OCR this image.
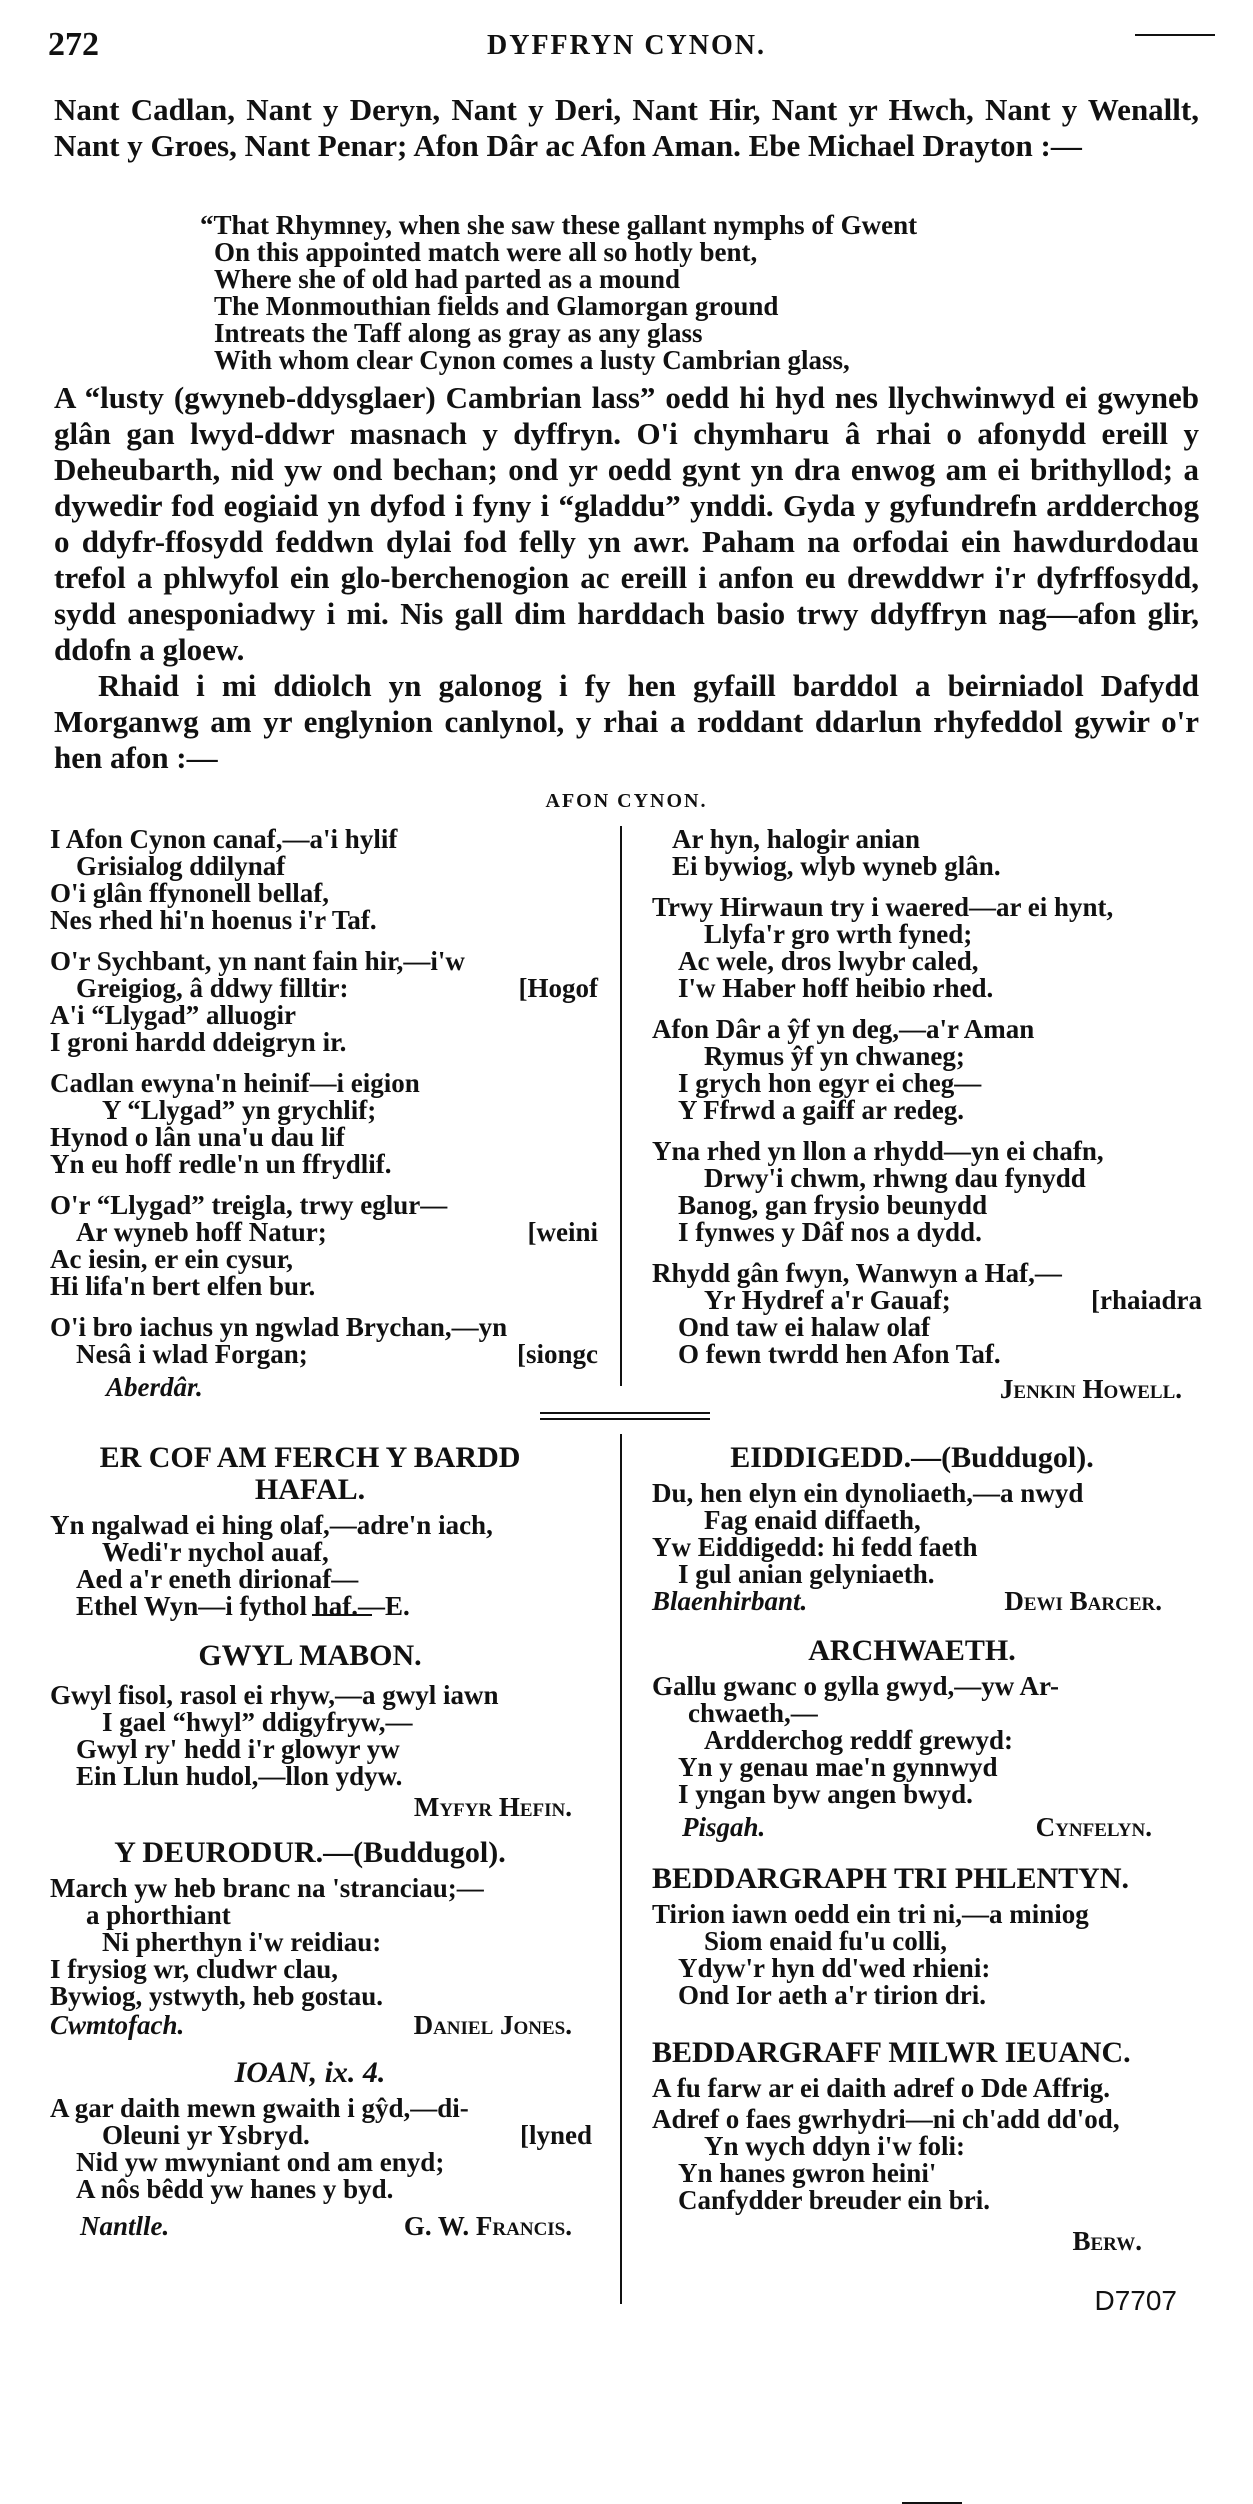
272	DYFFRYN CYNON.

Nant Cadlan, Nant y Deryn, Nant y Deri, Nant Hir, Nant yr Hwch, Nant y Wenallt, Nant y Groes, Nant Penar; Afon Dâr ac Afon Aman. Ebe Michael Drayton :—

“That Rhymney, when she saw these gallant nymphs of Gwent
On this appointed match were all so hotly bent,
Where she of old had parted as a mound
The Monmouthian fields and Glamorgan ground
Intreats the Taff along as gray as any glass
With whom clear Cynon comes a lusty Cambrian glass,

A “lusty (gwyneb-ddysglaer) Cambrian lass” oedd hi hyd nes llychwinwyd ei gwyneb glân gan lwyd-ddwr masnach y dyffryn. O'i chymharu â rhai o afonydd ereill y Deheubarth, nid yw ond bechan; ond yr oedd gynt yn dra enwog am ei brithyllod; a dywedir fod eogiaid yn dyfod i fyny i “gladdu” ynddi. Gyda y gyfundrefn ardderchog o ddyfr-ffosydd feddwn dylai fod felly yn awr. Paham na orfodai ein hawdurdodau trefol a phlwyfol ein glo-berchenogion ac ereill i anfon eu drewddwr i'r dyfrffosydd, sydd anesponiadwy i mi. Nis gall dim harddach basio trwy ddyffryn nag—afon glir, ddofn a gloew.

Rhaid i mi ddiolch yn galonog i fy hen gyfaill barddol a beirniadol Dafydd Morganwg am yr englynion canlynol, y rhai a roddant ddarlun rhyfeddol gywir o'r hen afon :—

AFON CYNON.
I Afon Cynon canaf,—a'i hylif
Grisialog ddilynaf
O'i glân ffynonell bellaf,
Nes rhed hi'n hoenus i'r Taf.
O'r Sychbant, yn nant fain hir,—i'w
Greigiog, â ddwy filltir:	[Hogof
A'i “Llygad” alluogir
I groni hardd ddeigryn ir.
Cadlan ewyna'n heinif—i eigion
Y “Llygad” yn grychlif;
Hynod o lân una'u dau lif
Yn eu hoff redle'n un ffrydlif.
O'r “Llygad” treigla, trwy eglur—
Ar wyneb hoff Natur;	[weini
Ac iesin, er ein cysur,
Hi lifa'n bert elfen bur.
O'i bro iachus yn ngwlad Brychan,—yn
Nesâ i wlad Forgan;	[siongc
Aberdâr.
Ar hyn, halogir anian
Ei bywiog, wlyb wyneb glân.
Trwy Hirwaun try i waered—ar ei hynt,
Llyfa'r gro wrth fyned;
Ac wele, dros lwybr caled,
I'w Haber hoff heibio rhed.
Afon Dâr a ŷf yn deg,—a'r Aman
Rymus ŷf yn chwaneg;
I grych hon egyr ei cheg—
Y Ffrwd a gaiff ar redeg.
Yna rhed yn llon a rhydd—yn ei chafn,
Drwy'i chwm, rhwng dau fynydd
Banog, gan frysio beunydd
I fynwes y Dâf nos a dydd.
Rhydd gân fwyn, Wanwyn a Haf,—
Yr Hydref a'r Gauaf;	[rhaiadra
Ond taw ei halaw olaf
O fewn twrdd hen Afon Taf.
Jenkin Howell.
ER COF AM FERCH Y BARDD HAFAL.
Yn ngalwad ei hing olaf,—adre'n iach,
Wedi'r nychol auaf,
Aed a'r eneth dirionaf—
Ethel Wyn—i fythol haf.—E.
GWYL MABON.
Gwyl fisol, rasol ei rhyw,—a gwyl iawn
I gael “hwyl” ddigyfryw,—
Gwyl ry' hedd i'r glowyr yw
Ein Llun hudol,—llon ydyw.
Myfyr Hefin.
Y DEURODUR.—(Buddugol).
March yw heb branc na 'stranciau;—
a phorthiant
Ni pherthyn i'w reidiau:
I frysiog wr, cludwr clau,
Bywiog, ystwyth, heb gostau.
Cwmtofach.	Daniel Jones.
IOAN, ix. 4.
A gar daith mewn gwaith i gŷd,—di-
Oleuni yr Ysbryd.	[lyned
Nid yw mwyniant ond am enyd;
A nôs bêdd yw hanes y byd.
Nantlle.	G. W. Francis.
EIDDIGEDD.—(Buddugol).
Du, hen elyn ein dynoliaeth,—a nwyd
Fag enaid diffaeth,
Yw Eiddigedd: hi fedd faeth
I gul anian gelyniaeth.
Blaenhirbant.	Dewi Barcer.
ARCHWAETH.
Gallu gwanc o gylla gwyd,—yw Ar-
chwaeth,—
Ardderchog reddf grewyd:
Yn y genau mae'n gynnwyd
I yngan byw angen bwyd.
Pisgah.	Cynfelyn.
BEDDARGRAPH TRI PHLENTYN.
Tirion iawn oedd ein tri ni,—a miniog
Siom enaid fu'u colli,
Ydyw'r hyn dd'wed rhieni:
Ond Ior aeth a'r tirion dri.
BEDDARGRAFF MILWR IEUANC.
A fu farw ar ei daith adref o Dde Affrig.
Adref o faes gwrhydri—ni ch'add dd'od,
Yn wych ddyn i'w foli:
Yn hanes gwron heini'
Canfydder breuder ein bri.
Berw.
D7707
